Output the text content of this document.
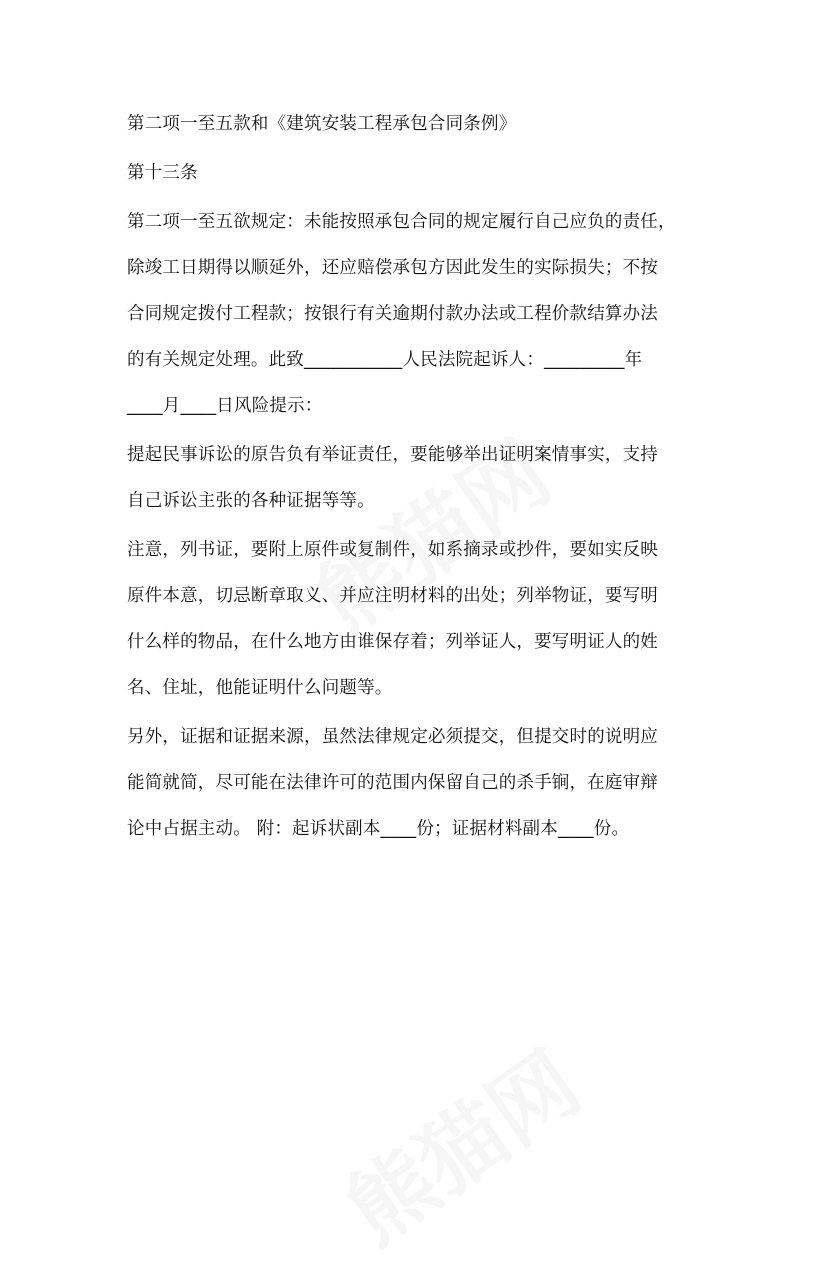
第二项一至五款和《建筑安装工程承包合同条例》
第十三条
第二项一至五欲规定：未能按照承包合同的规定履行自己应负的责任，
除竣工日期得以顺延外，还应赔偿承包方因此发生的实际损失；不按
合同规定拨付工程款；按银行有关逾期付款办法或工程价款结算办法
的有关规定处理。此致___________人民法院起诉人：_________年
____月____日风险提示：
提起民事诉讼的原告负有举证责任，要能够举出证明案情事实，支持
自己诉讼主张的各种证据等等。
注意，列书证，要附上原件或复制件，如系摘录或抄件，要如实反映
原件本意，切忌断章取义、并应注明材料的出处；列举物证，要写明
什么样的物品，在什么地方由谁保存着；列举证人，要写明证人的姓
名、住址，他能证明什么问题等。
另外，证据和证据来源，虽然法律规定必须提交，但提交时的说明应
能简就简，尽可能在法律许可的范围内保留自己的杀手锏，在庭审辩
论中占据主动。 附：起诉状副本____份；证据材料副本____份。
